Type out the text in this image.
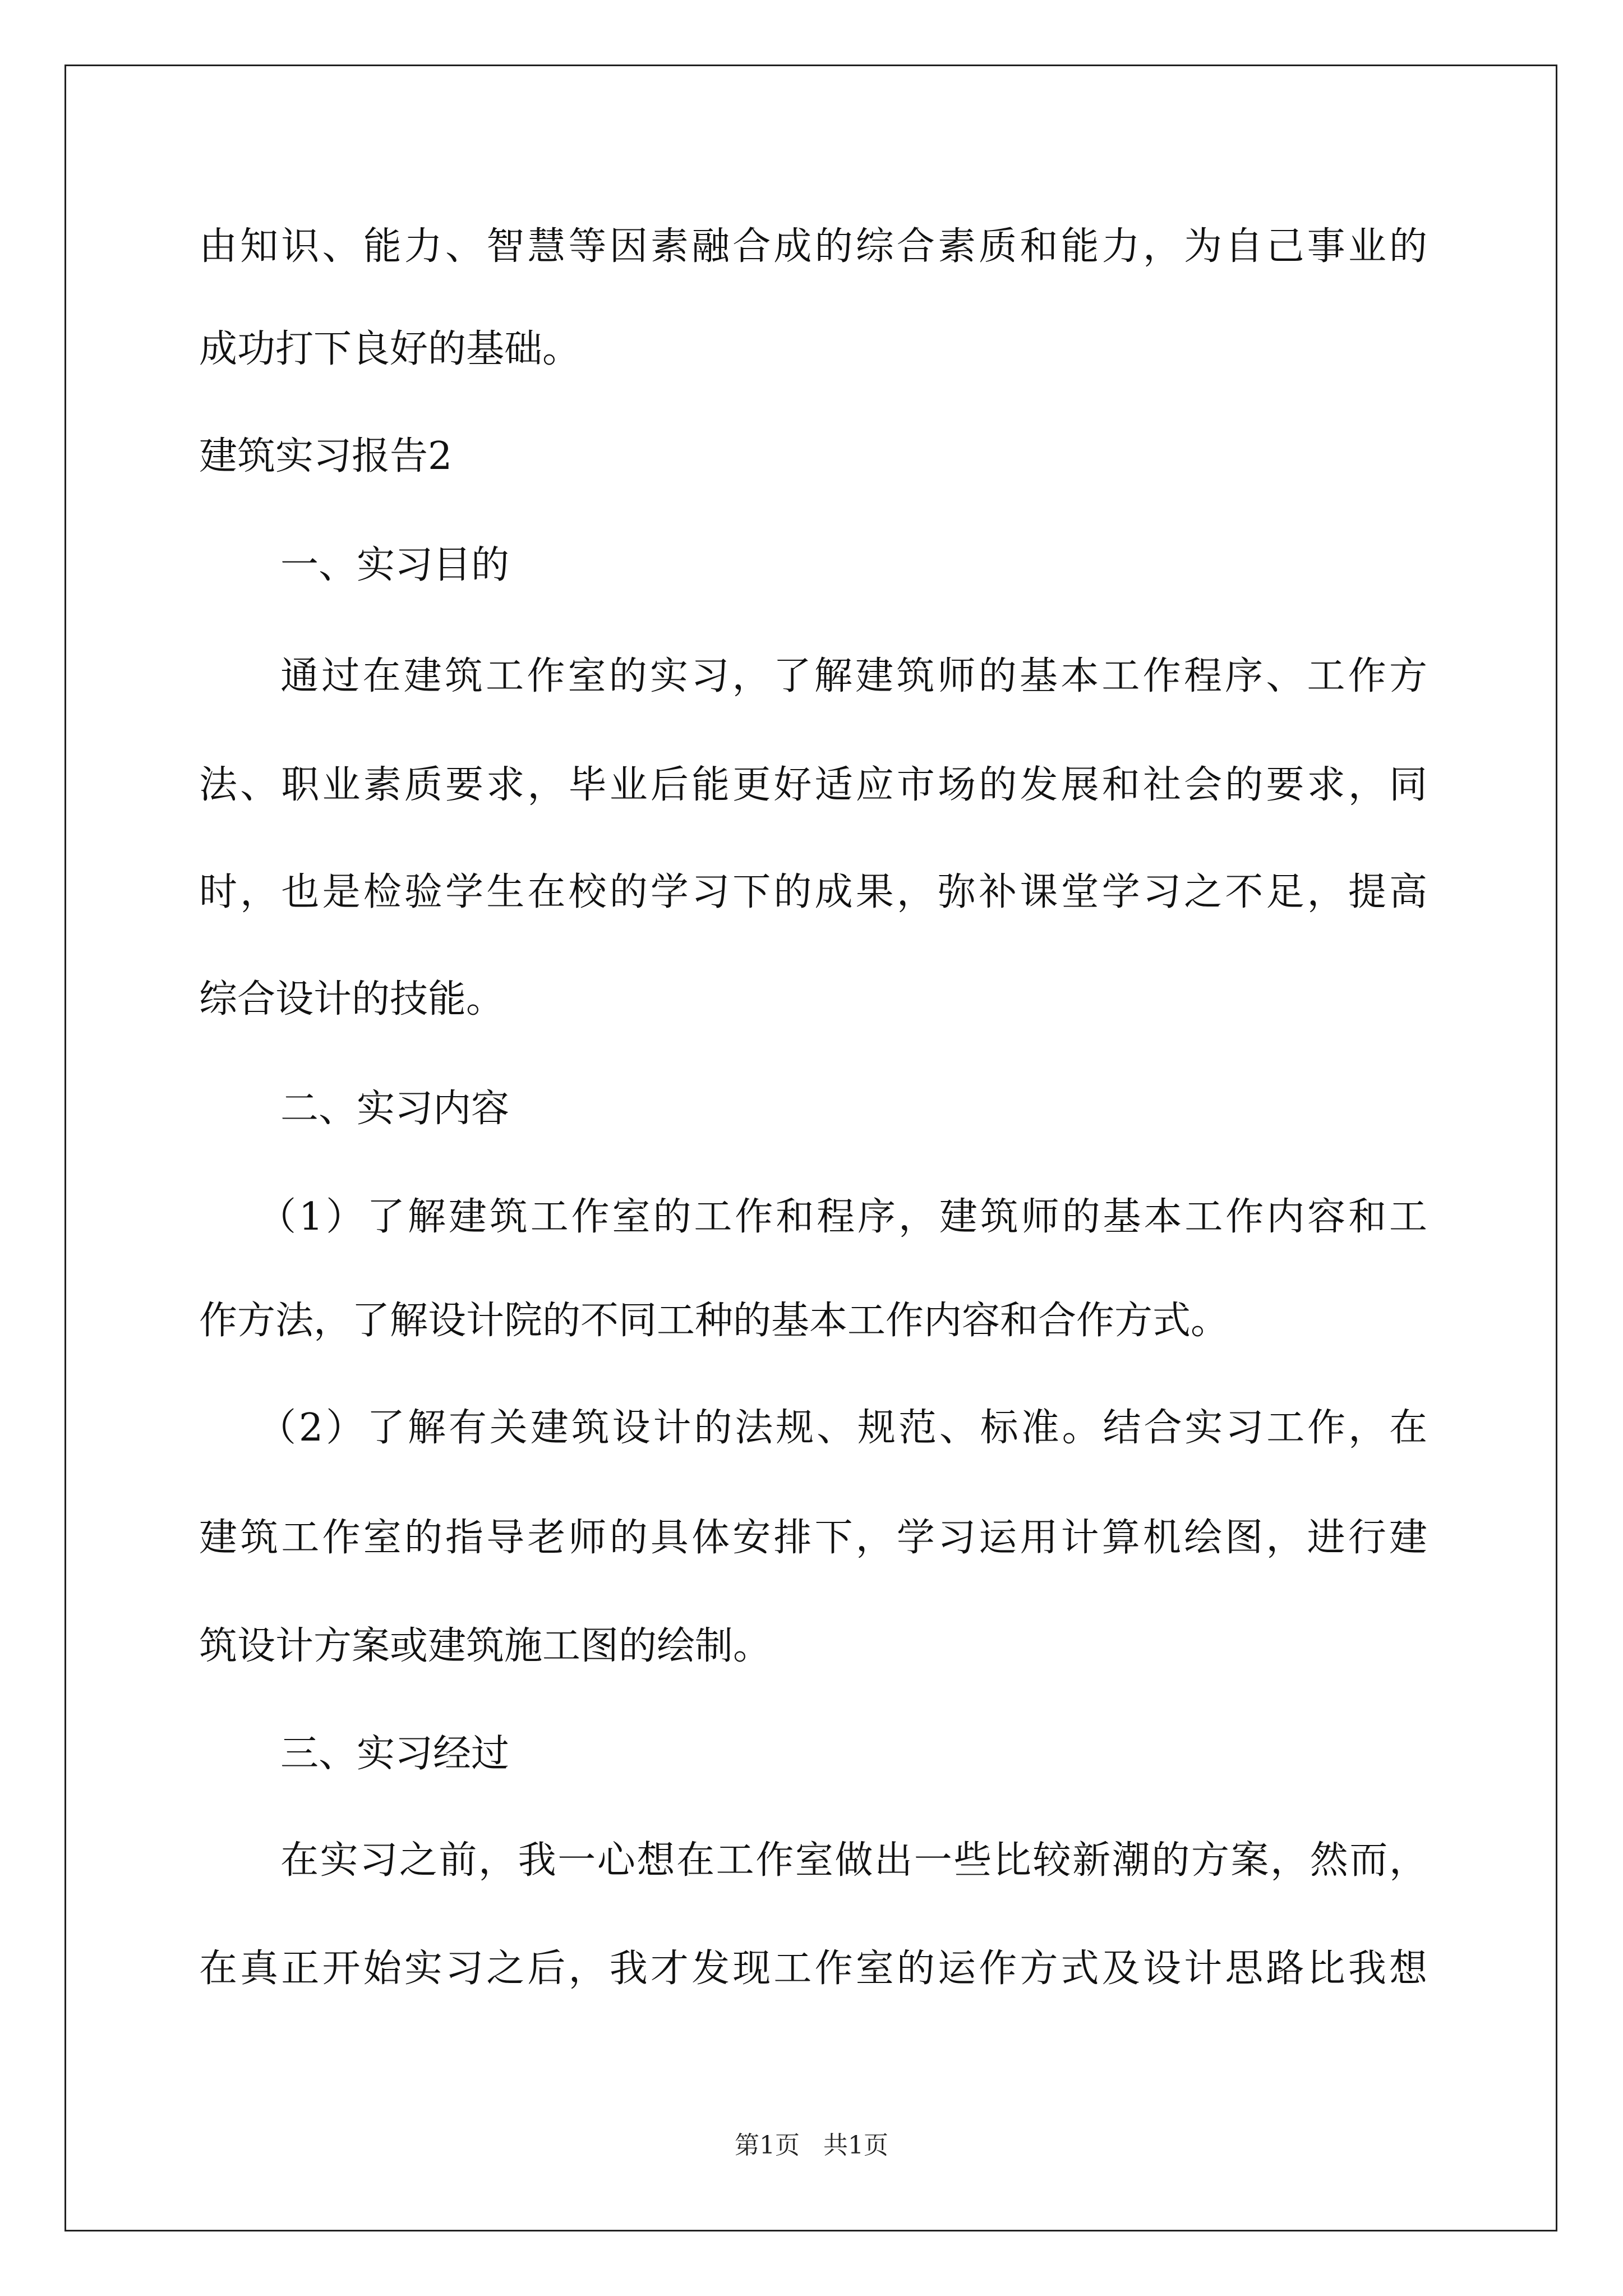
由知识、能力、智慧等因素融合成的综合素质和能力，为自己事业的
成功打下良好的基础。
建筑实习报告2
一、实习目的
通过在建筑工作室的实习，了解建筑师的基本工作程序、工作方
法、职业素质要求，毕业后能更好适应市场的发展和社会的要求，同
时，也是检验学生在校的学习下的成果，弥补课堂学习之不足，提高
综合设计的技能。
二、实习内容
（1）了解建筑工作室的工作和程序，建筑师的基本工作内容和工
作方法，了解设计院的不同工种的基本工作内容和合作方式。
（2）了解有关建筑设计的法规、规范、标准。结合实习工作，在
建筑工作室的指导老师的具体安排下，学习运用计算机绘图，进行建
筑设计方案或建筑施工图的绘制。
三、实习经过
在实习之前，我一心想在工作室做出一些比较新潮的方案，然而，
在真正开始实习之后，我才发现工作室的运作方式及设计思路比我想
第1页   共1页
